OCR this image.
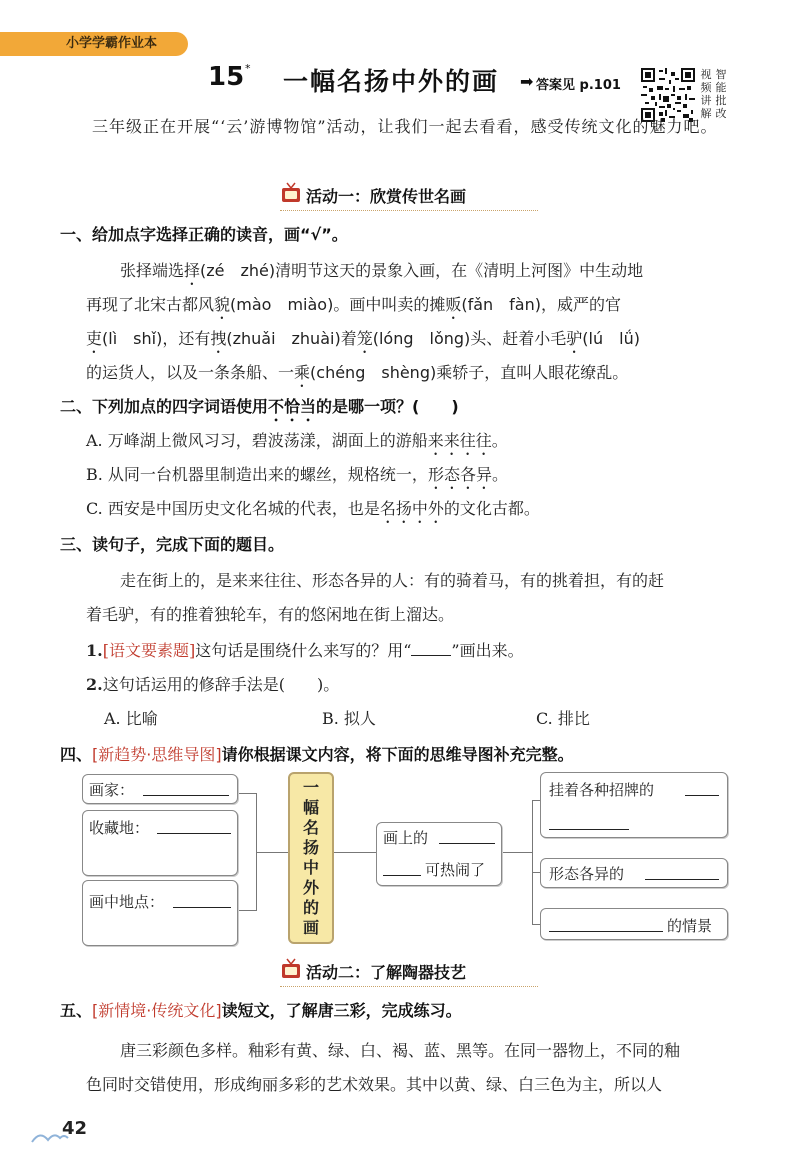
小学学霸作业本
15 * 一幅名扬中外的画 ➡ 答案见 p.101
视
频
讲
解
智
能
批
改
三年级正在开展“‘云’游博物馆”活动，让我们一起去看看，感受传统文化的魅力吧。
活动一：欣赏传世名画
一、给加点字选择正确的读音，画“√”。
张择端选择(zé　zhé)清明节这天的景象入画，在《清明上河图》中生动地
再现了北宋古都风貌(mào　miào)。画中叫卖的摊贩(fǎn　fàn)，威严的官
吏(lì　shǐ)，还有拽(zhuǎi　zhuài)着笼(lóng　lǒng)头、赶着小毛驴(lú　lǘ)
的运货人，以及一条条船、一乘(chéng　shèng)乘轿子，直叫人眼花缭乱。
二、下列加点的四字词语使用不恰当的是哪一项？(　　)
A. 万峰湖上微风习习，碧波荡漾，湖面上的游船来来往往。
B. 从同一台机器里制造出来的螺丝，规格统一，形态各异。
C. 西安是中国历史文化名城的代表，也是名扬中外的文化古都。
三、读句子，完成下面的题目。
走在街上的，是来来往往、形态各异的人：有的骑着马，有的挑着担，有的赶
着毛驴，有的推着独轮车，有的悠闲地在街上溜达。
1.[语文要素题]这句话是围绕什么来写的？用“	”画出来。
2.这句话运用的修辞手法是(　　)。
A. 比喻	B. 拟人	C. 排比
四、[新趋势·思维导图]请你根据课文内容，将下面的思维导图补充完整。
画家：
收藏地：
画中地点：
一
幅
名
扬
中
外
的
画
画上的
可热闹了
挂着各种招牌的
形态各异的
的情景
活动二：了解陶器技艺
五、[新情境·传统文化]读短文，了解唐三彩，完成练习。
唐三彩颜色多样。釉彩有黄、绿、白、褐、蓝、黑等。在同一器物上，不同的釉
色同时交错使用，形成绚丽多彩的艺术效果。其中以黄、绿、白三色为主，所以人
42
